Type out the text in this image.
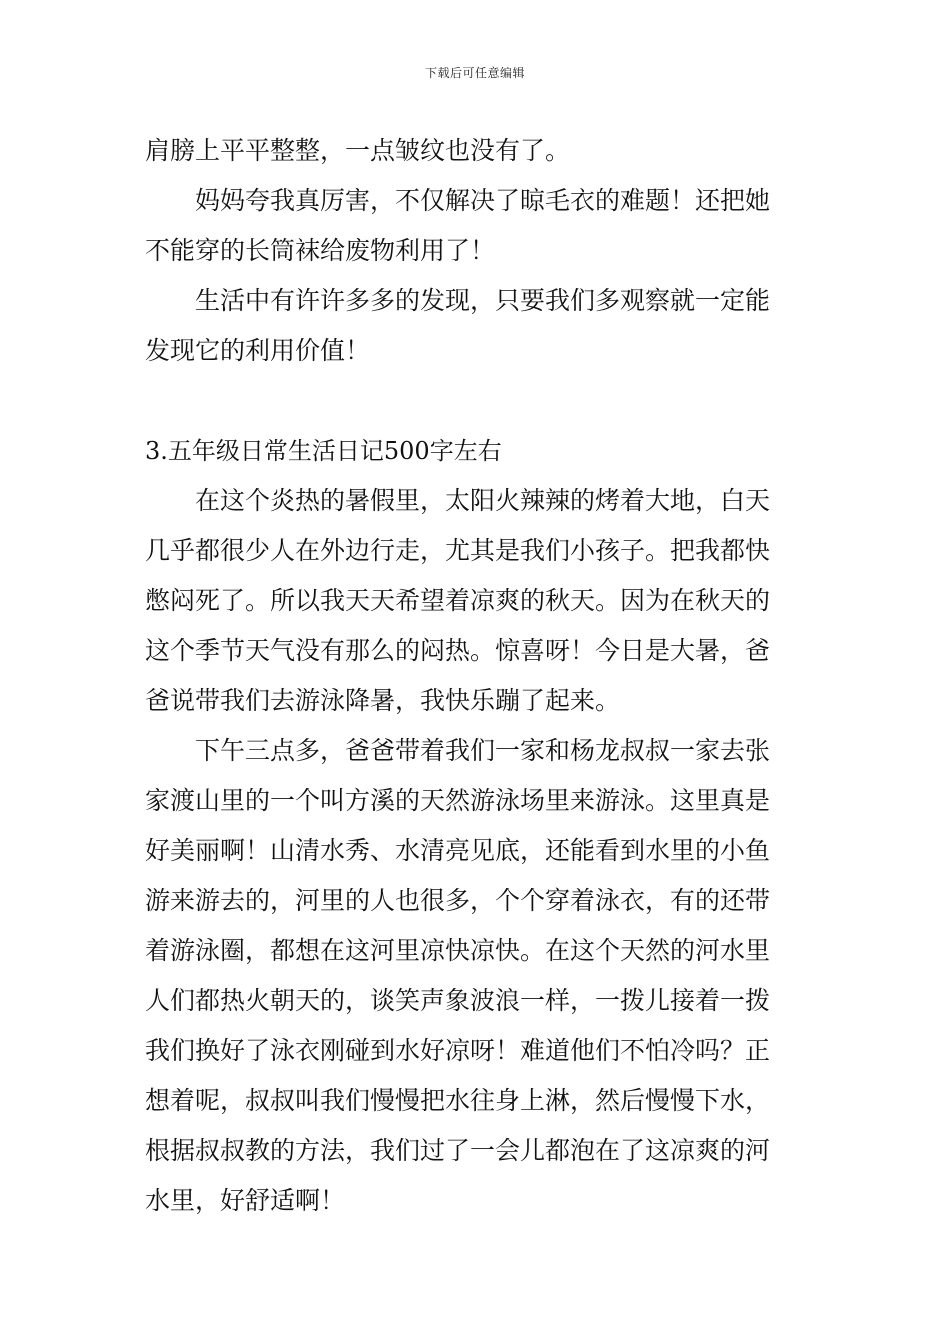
下载后可任意编辑
肩膀上平平整整，一点皱纹也没有了。
妈妈夸我真厉害，不仅解决了晾毛衣的难题！还把她
不能穿的长筒袜给废物利用了！
生活中有许许多多的发现，只要我们多观察就一定能
发现它的利用价值！
3.五年级日常生活日记500字左右
在这个炎热的暑假里，太阳火辣辣的烤着大地，白天
几乎都很少人在外边行走，尤其是我们小孩子。把我都快
憋闷死了。所以我天天希望着凉爽的秋天。因为在秋天的
这个季节天气没有那么的闷热。惊喜呀！今日是大暑，爸
爸说带我们去游泳降暑，我快乐蹦了起来。
下午三点多，爸爸带着我们一家和杨龙叔叔一家去张
家渡山里的一个叫方溪的天然游泳场里来游泳。这里真是
好美丽啊！山清水秀、水清亮见底，还能看到水里的小鱼
游来游去的，河里的人也很多，个个穿着泳衣，有的还带
着游泳圈，都想在这河里凉快凉快。在这个天然的河水里
人们都热火朝天的，谈笑声象波浪一样，一拨儿接着一拨
我们换好了泳衣刚碰到水好凉呀！难道他们不怕冷吗？正
想着呢，叔叔叫我们慢慢把水往身上淋，然后慢慢下水，
根据叔叔教的方法，我们过了一会儿都泡在了这凉爽的河
水里，好舒适啊！
